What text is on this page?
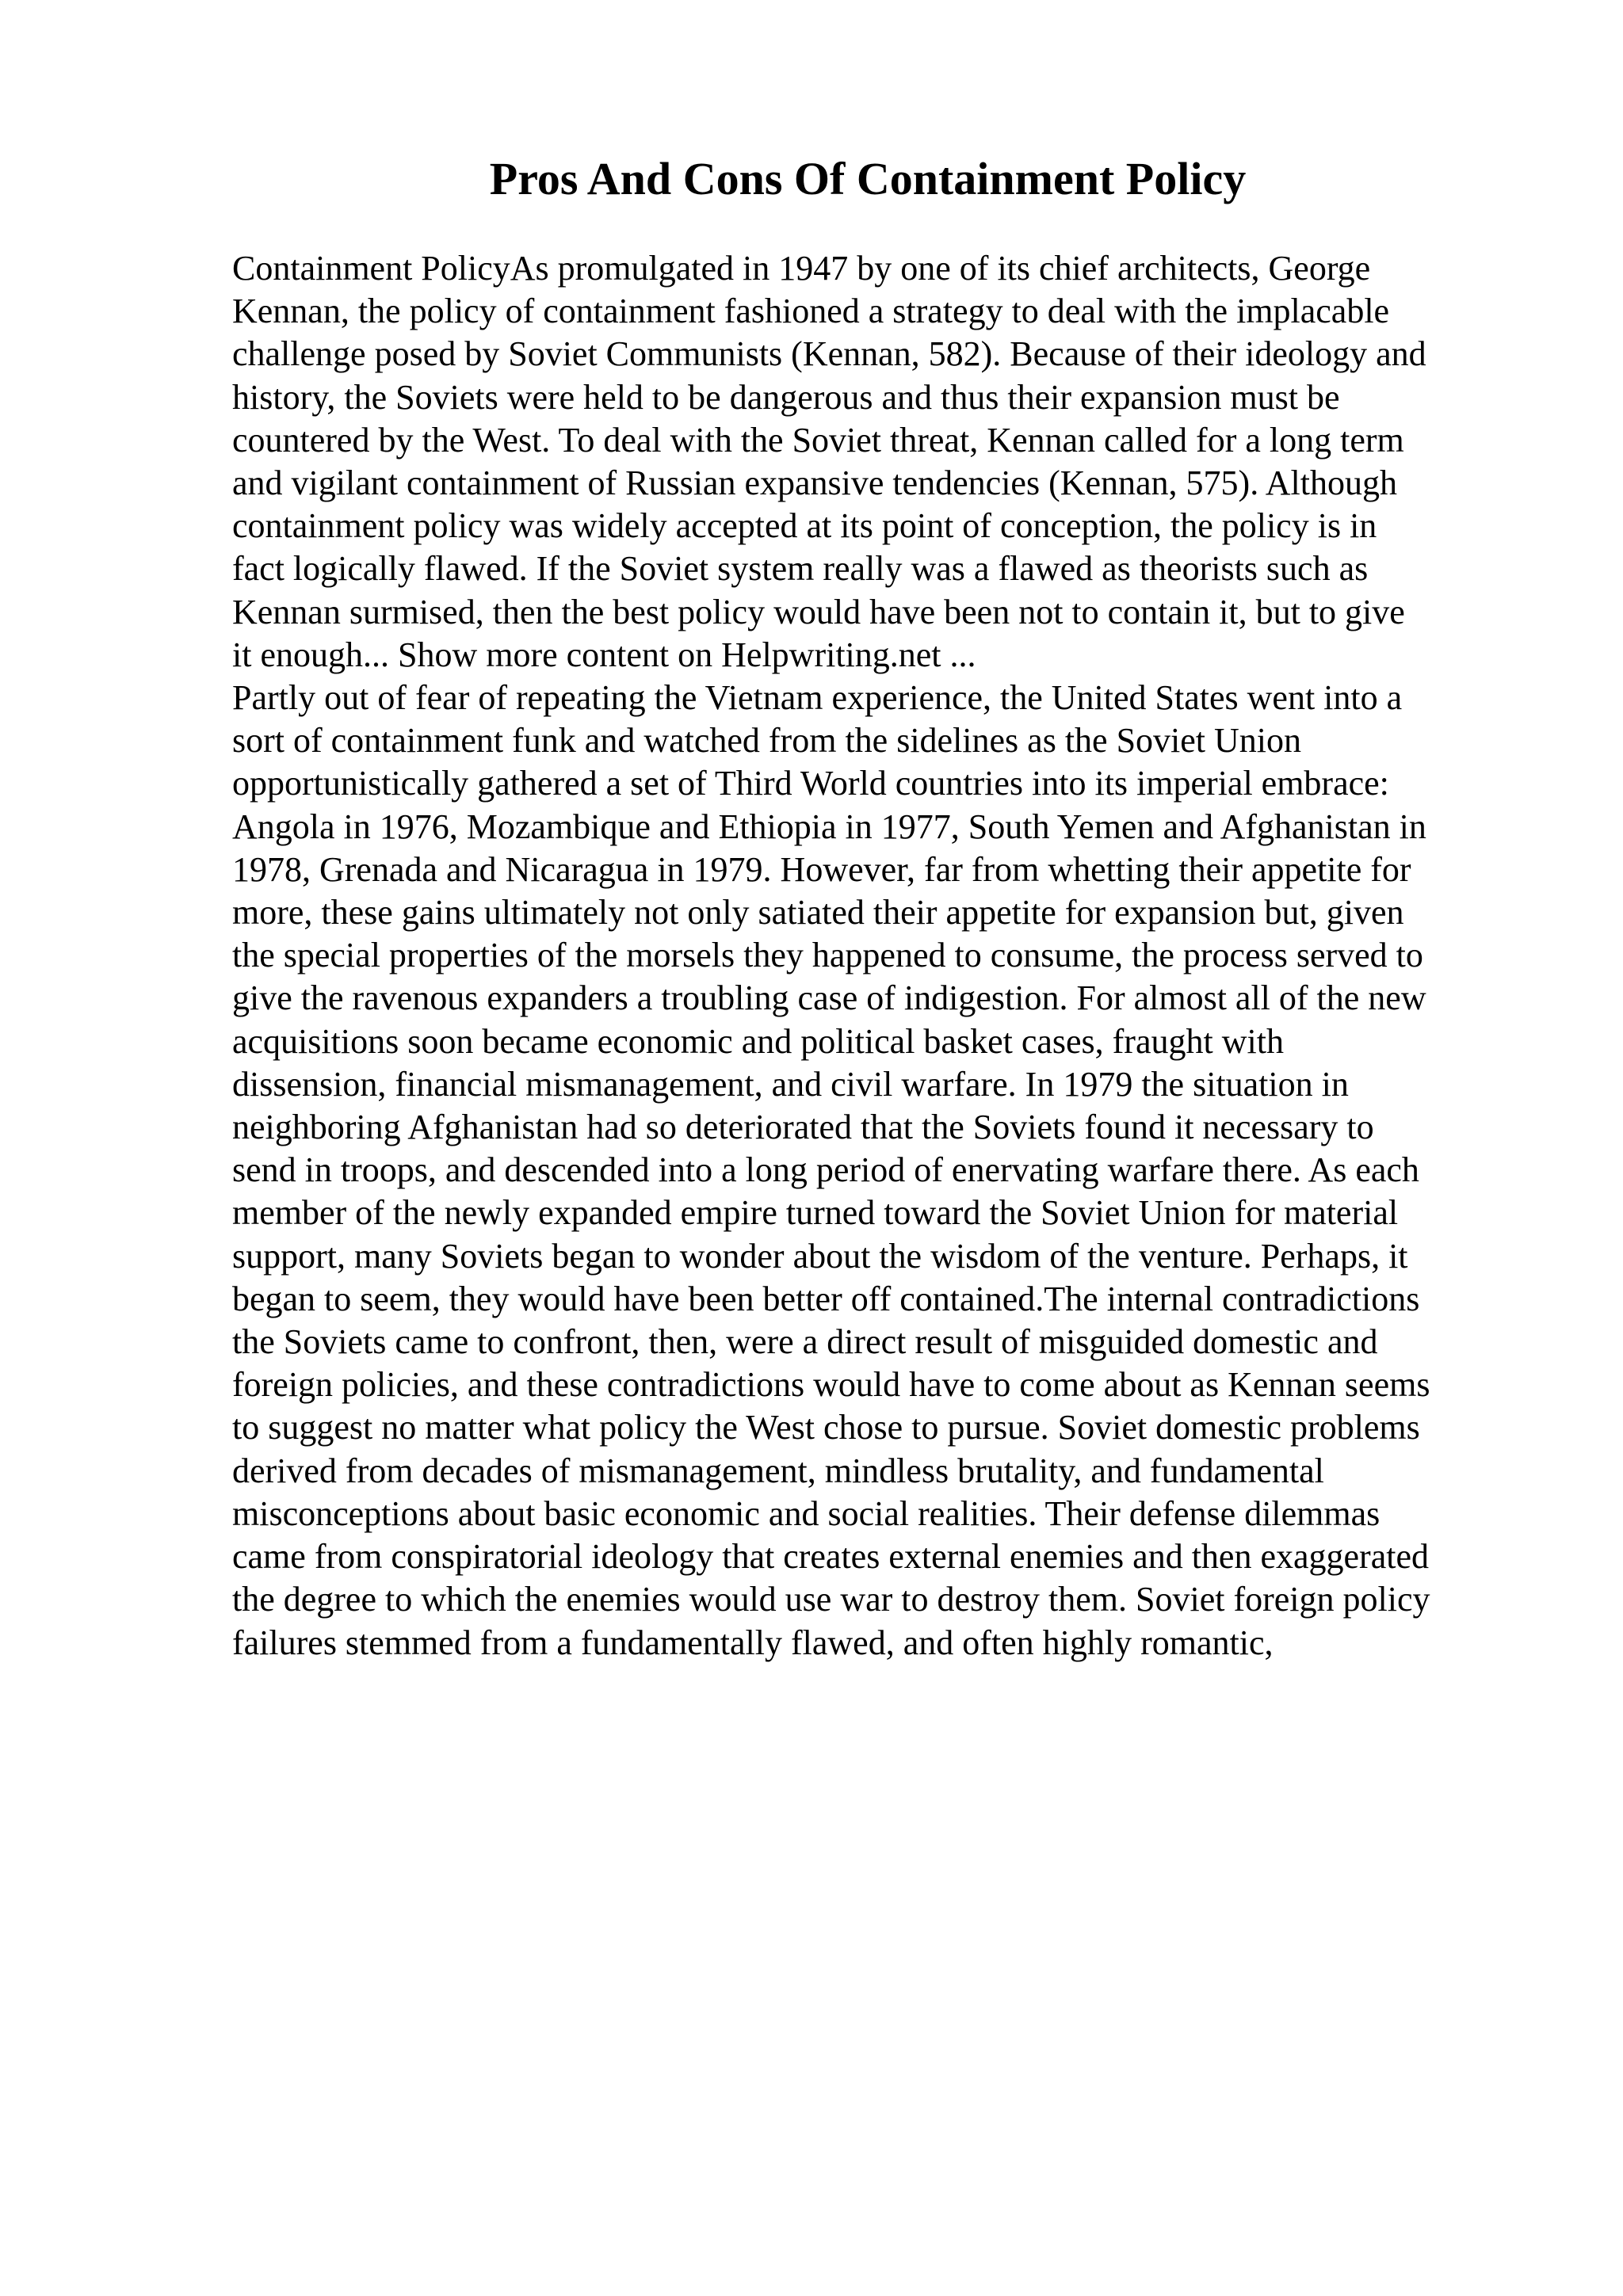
Pros And Cons Of Containment Policy
Containment PolicyAs promulgated in 1947 by one of its chief architects, George
Kennan, the policy of containment fashioned a strategy to deal with the implacable
challenge posed by Soviet Communists (Kennan, 582). Because of their ideology and
history, the Soviets were held to be dangerous and thus their expansion must be
countered by the West. To deal with the Soviet threat, Kennan called for a long term
and vigilant containment of Russian expansive tendencies (Kennan, 575). Although
containment policy was widely accepted at its point of conception, the policy is in
fact logically flawed. If the Soviet system really was a flawed as theorists such as
Kennan surmised, then the best policy would have been not to contain it, but to give
it enough... Show more content on Helpwriting.net ...
Partly out of fear of repeating the Vietnam experience, the United States went into a
sort of containment funk and watched from the sidelines as the Soviet Union
opportunistically gathered a set of Third World countries into its imperial embrace:
Angola in 1976, Mozambique and Ethiopia in 1977, South Yemen and Afghanistan in
1978, Grenada and Nicaragua in 1979. However, far from whetting their appetite for
more, these gains ultimately not only satiated their appetite for expansion but, given
the special properties of the morsels they happened to consume, the process served to
give the ravenous expanders a troubling case of indigestion. For almost all of the new
acquisitions soon became economic and political basket cases, fraught with
dissension, financial mismanagement, and civil warfare. In 1979 the situation in
neighboring Afghanistan had so deteriorated that the Soviets found it necessary to
send in troops, and descended into a long period of enervating warfare there. As each
member of the newly expanded empire turned toward the Soviet Union for material
support, many Soviets began to wonder about the wisdom of the venture. Perhaps, it
began to seem, they would have been better off contained.The internal contradictions
the Soviets came to confront, then, were a direct result of misguided domestic and
foreign policies, and these contradictions would have to come about as Kennan seems
to suggest no matter what policy the West chose to pursue. Soviet domestic problems
derived from decades of mismanagement, mindless brutality, and fundamental
misconceptions about basic economic and social realities. Their defense dilemmas
came from conspiratorial ideology that creates external enemies and then exaggerated
the degree to which the enemies would use war to destroy them. Soviet foreign policy
failures stemmed from a fundamentally flawed, and often highly romantic,
